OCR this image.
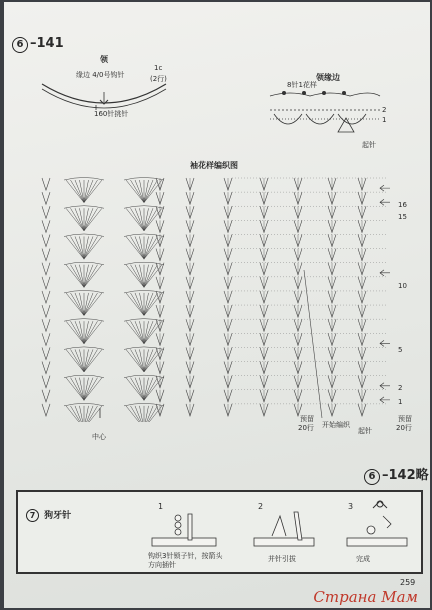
6 –141
领
缘边 4/0号钩针
1c
(2行)
160针挑针
领缘边
8针1花样
2
1
起针
袖花样编织图
16
15
10
5
2
1
中心
预留
20行 开始编织
起针
预留
20行
6 –142略
7 狗牙针
1
钩织3针锁子针，按箭头方向插针
2
并针引拔
3
完成
259
Страна Мам
